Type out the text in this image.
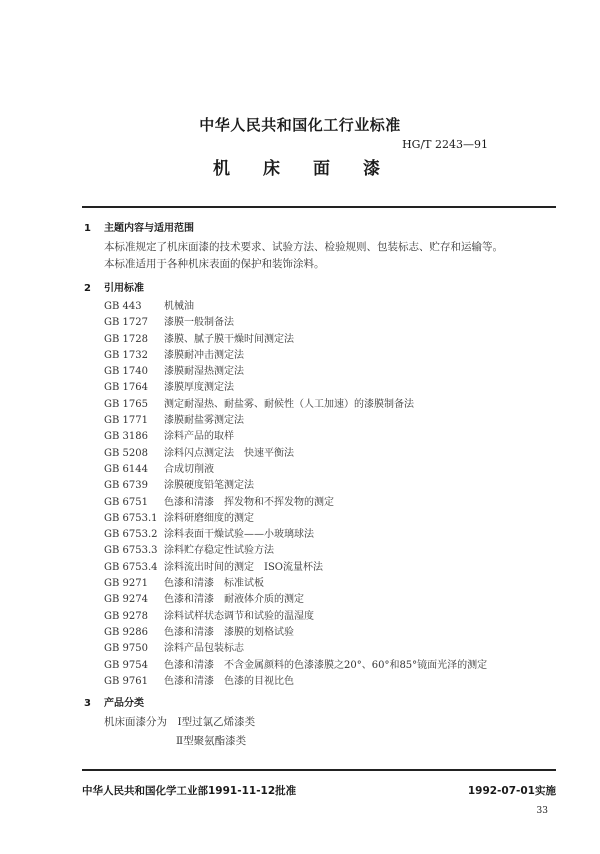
中华人民共和国化工行业标准
HG/T 2243—91
机床面漆
1 主题内容与适用范围
本标准规定了机床面漆的技术要求、试验方法、检验规则、包装标志、贮存和运输等。
本标准适用于各种机床表面的保护和装饰涂料。
2 引用标准
GB 443 机械油
GB 1727 漆膜一般制备法
GB 1728 漆膜、腻子膜干燥时间测定法
GB 1732 漆膜耐冲击测定法
GB 1740 漆膜耐湿热测定法
GB 1764 漆膜厚度测定法
GB 1765 测定耐湿热、耐盐雾、耐候性（人工加速）的漆膜制备法
GB 1771 漆膜耐盐雾测定法
GB 3186 涂料产品的取样
GB 5208 涂料闪点测定法　快速平衡法
GB 6144 合成切削液
GB 6739 涂膜硬度铅笔测定法
GB 6751 色漆和清漆　挥发物和不挥发物的测定
GB 6753.1 涂料研磨细度的测定
GB 6753.2 涂料表面干燥试验——小玻璃球法
GB 6753.3 涂料贮存稳定性试验方法
GB 6753.4 涂料流出时间的测定　ISO流量杯法
GB 9271 色漆和清漆　标准试板
GB 9274 色漆和清漆　耐液体介质的测定
GB 9278 涂料试样状态调节和试验的温湿度
GB 9286 色漆和清漆　漆膜的划格试验
GB 9750 涂料产品包装标志
GB 9754 色漆和清漆　不含金属颜料的色漆漆膜之20°、60°和85°镜面光泽的测定
GB 9761 色漆和清漆　色漆的目视比色
3 产品分类
机床面漆分为　 Ⅰ型过氯乙烯漆类
Ⅱ型聚氨酯漆类
中华人民共和国化学工业部1991-11-12批准	1992-07-01实施
33
